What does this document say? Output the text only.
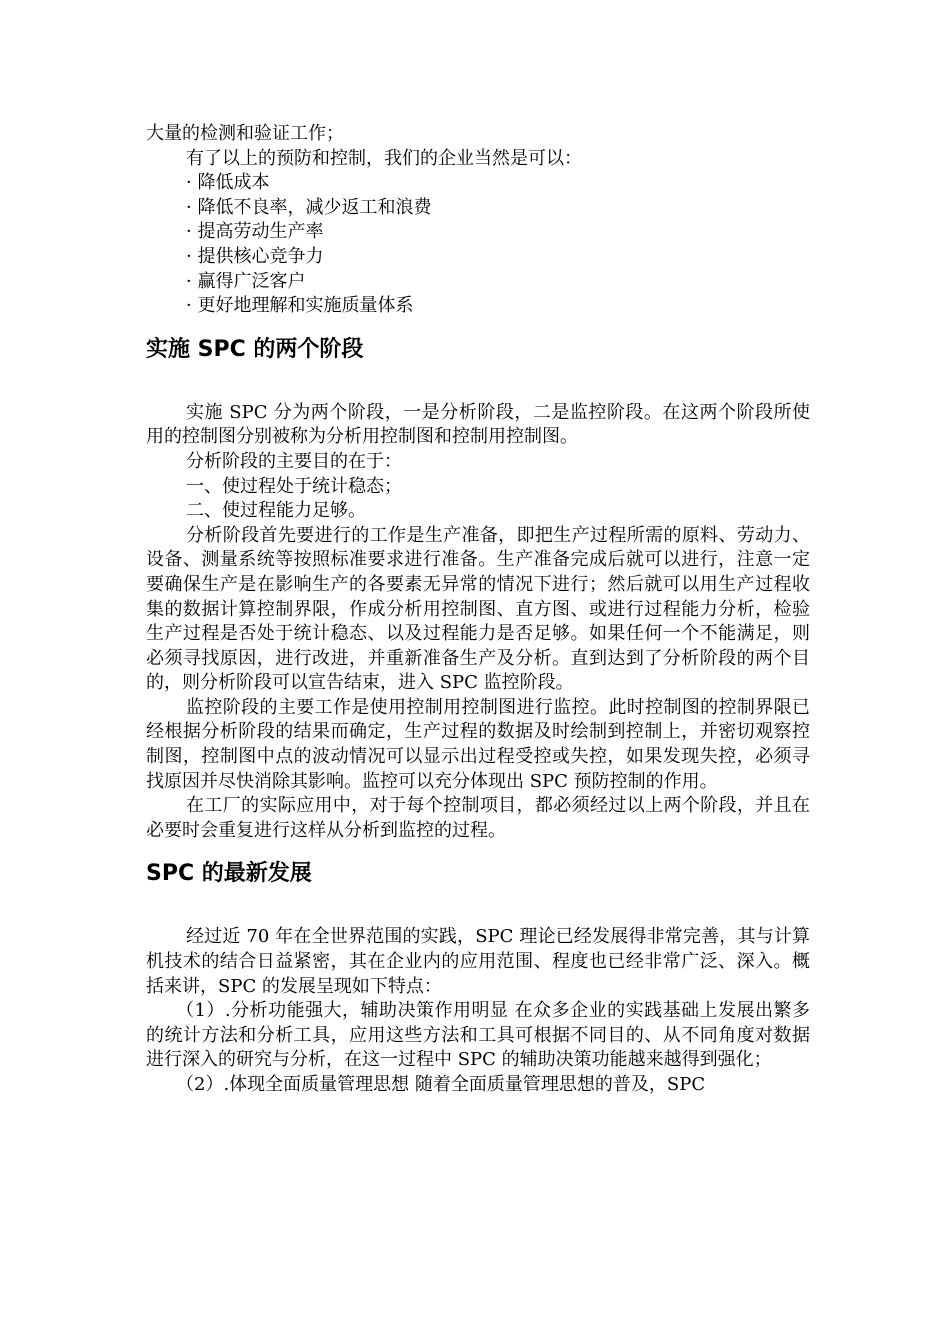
大量的检测和验证工作；

有了以上的预防和控制，我们的企业当然是可以：

· 降低成本

· 降低不良率，减少返工和浪费

· 提高劳动生产率

· 提供核心竞争力

· 赢得广泛客户

· 更好地理解和实施质量体系

实施 SPC 的两个阶段

实施 SPC 分为两个阶段，一是分析阶段，二是监控阶段。在这两个阶段所使用的控制图分别被称为分析用控制图和控制用控制图。

分析阶段的主要目的在于：

一、使过程处于统计稳态；

二、使过程能力足够。

分析阶段首先要进行的工作是生产准备，即把生产过程所需的原料、劳动力、设备、测量系统等按照标准要求进行准备。生产准备完成后就可以进行，注意一定要确保生产是在影响生产的各要素无异常的情况下进行；然后就可以用生产过程收集的数据计算控制界限，作成分析用控制图、直方图、或进行过程能力分析，检验生产过程是否处于统计稳态、以及过程能力是否足够。如果任何一个不能满足，则必须寻找原因，进行改进，并重新准备生产及分析。直到达到了分析阶段的两个目的，则分析阶段可以宣告结束，进入 SPC 监控阶段。

监控阶段的主要工作是使用控制用控制图进行监控。此时控制图的控制界限已经根据分析阶段的结果而确定，生产过程的数据及时绘制到控制上，并密切观察控制图，控制图中点的波动情况可以显示出过程受控或失控，如果发现失控，必须寻找原因并尽快消除其影响。监控可以充分体现出 SPC 预防控制的作用。

在工厂的实际应用中，对于每个控制项目，都必须经过以上两个阶段，并且在必要时会重复进行这样从分析到监控的过程。

SPC 的最新发展

经过近 70 年在全世界范围的实践，SPC 理论已经发展得非常完善，其与计算机技术的结合日益紧密，其在企业内的应用范围、程度也已经非常广泛、深入。概括来讲，SPC 的发展呈现如下特点：

（1）.分析功能强大，辅助决策作用明显 在众多企业的实践基础上发展出繁多的统计方法和分析工具，应用这些方法和工具可根据不同目的、从不同角度对数据进行深入的研究与分析，在这一过程中 SPC 的辅助决策功能越来越得到强化；

（2）.体现全面质量管理思想 随着全面质量管理思想的普及，SPC
